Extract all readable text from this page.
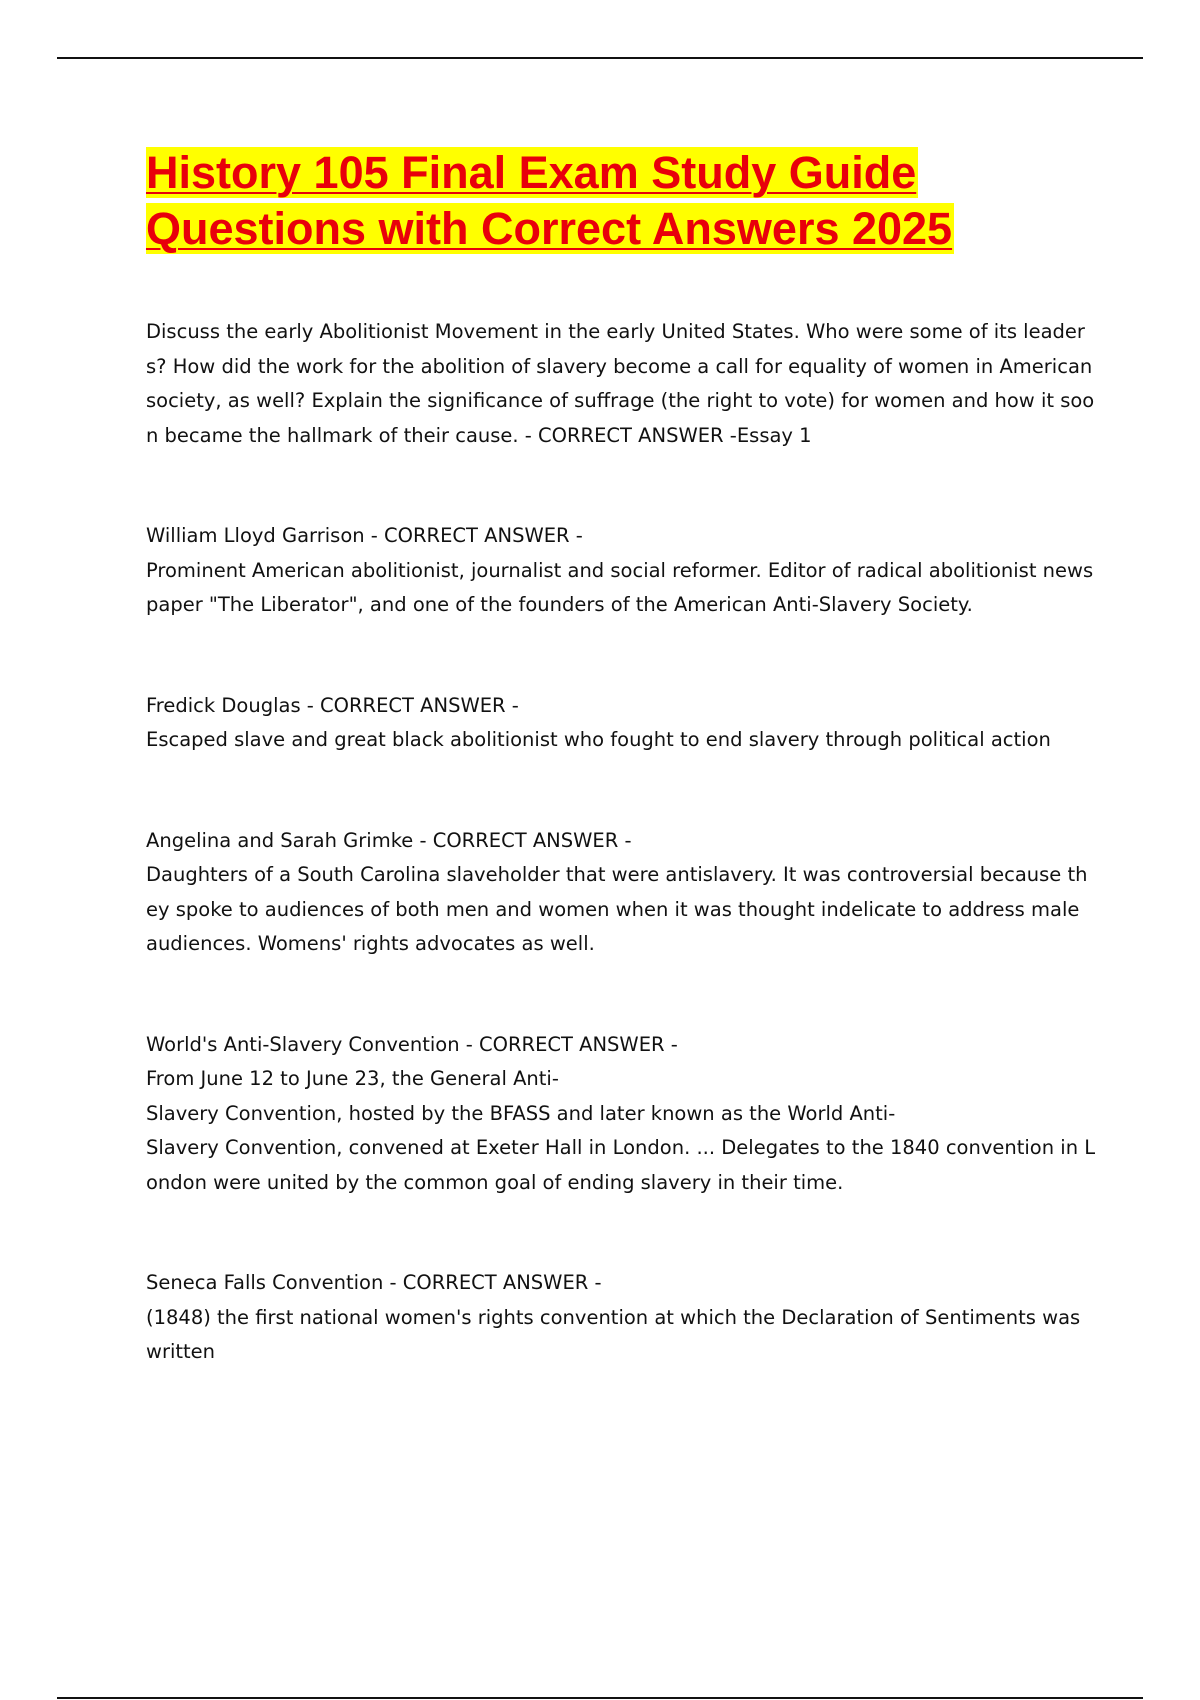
History 105 Final Exam Study Guide
Questions with Correct Answers 2025

Discuss the early Abolitionist Movement in the early United States. Who were some of its leaders? How did the work for the abolition of slavery become a call for equality of women in American society, as well? Explain the significance of suffrage (the right to vote) for women and how it soon became the hallmark of their cause. - CORRECT ANSWER -Essay 1

William Lloyd Garrison - CORRECT ANSWER -

Prominent American abolitionist, journalist and social reformer. Editor of radical abolitionist newspaper "The Liberator", and one of the founders of the American Anti-Slavery Society.

Fredick Douglas - CORRECT ANSWER -

Escaped slave and great black abolitionist who fought to end slavery through political action

Angelina and Sarah Grimke - CORRECT ANSWER -

Daughters of a South Carolina slaveholder that were antislavery. It was controversial because they spoke to audiences of both men and women when it was thought indelicate to address male audiences. Womens' rights advocates as well.

World's Anti-Slavery Convention - CORRECT ANSWER -

From June 12 to June 23, the General Anti-

Slavery Convention, hosted by the BFASS and later known as the World Anti-

Slavery Convention, convened at Exeter Hall in London. ... Delegates to the 1840 convention in London were united by the common goal of ending slavery in their time.

Seneca Falls Convention - CORRECT ANSWER -

(1848) the first national women's rights convention at which the Declaration of Sentiments was  written
